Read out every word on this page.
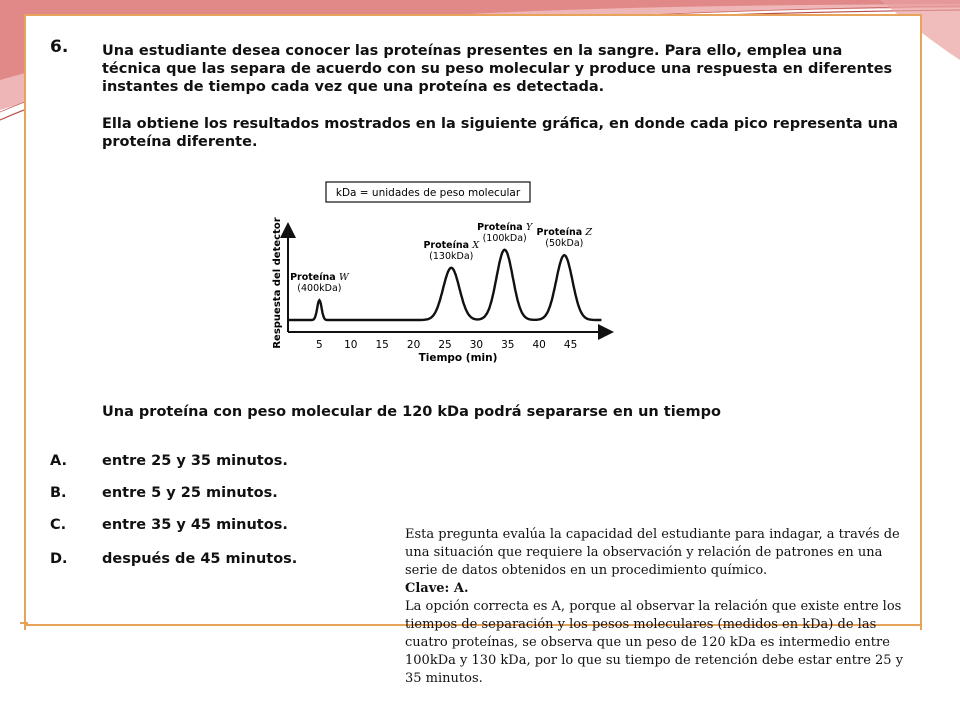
6. Una estudiante desea conocer las proteínas presentes en la sangre. Para ello, emplea una técnica que las separa de acuerdo con su peso molecular y produce una respuesta en diferentes instantes de tiempo cada vez que una proteína es detectada.

Ella obtiene los resultados mostrados en la siguiente gráfica, en donde cada pico representa una proteína diferente.

kDa = unidades de peso molecular
Respuesta del detector
Tiempo (min)
5 10 15 20 25 30 35 40 45
Proteína W
(400kDa)
Proteína X
(130kDa)
Proteína Y
(100kDa)
Proteína Z
(50kDa)
Una proteína con peso molecular de 120 kDa podrá separarse en un tiempo
A. entre 25 y 35 minutos.
B. entre 5 y 25 minutos.
C. entre 35 y 45 minutos.
D. después de 45 minutos.

Esta pregunta evalúa la capacidad del estudiante para indagar, a través de una situación que requiere la observación y relación de patrones en una serie de datos obtenidos en un procedimiento químico.

Clave: A.

La opción correcta es A, porque al observar la relación que existe entre los tiempos de separación y los pesos moleculares (medidos en kDa) de las cuatro proteínas, se observa que un peso de 120 kDa es intermedio entre 100kDa y 130 kDa, por lo que su tiempo de retención debe estar entre 25 y 35 minutos.
